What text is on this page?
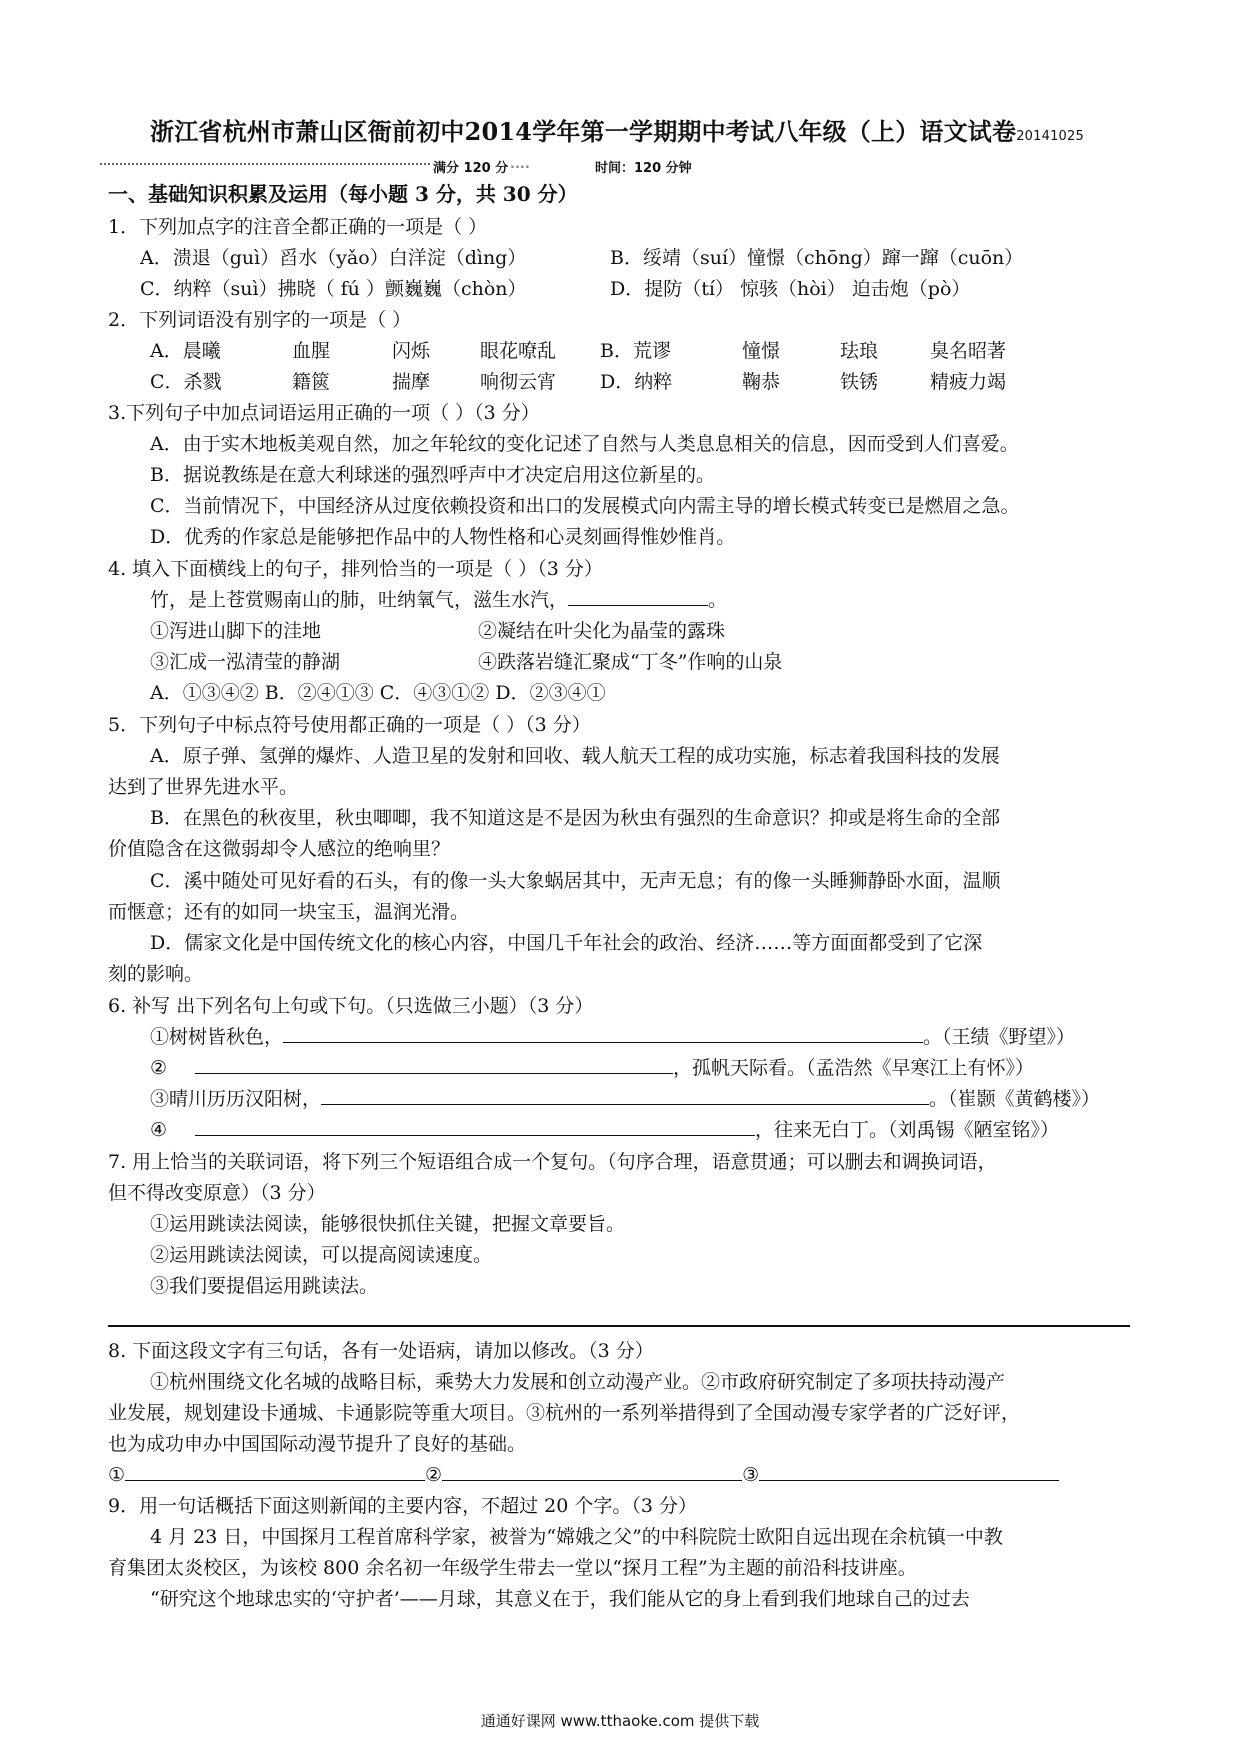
浙江省杭州市萧山区衙前初中2014学年第一学期期中考试八年级（上）语文试卷20141025
满分 120 分 ....	时间：120 分钟
一、基础知识积累及运用（每小题 3 分，共 30 分）
1．下列加点字的注音全都正确的一项是（ ）
A．溃退（guì）舀水（yǎo）白洋淀（dìng）	B．绥靖（suí）憧憬（chōng）蹿一蹿（cuōn）
C．纳粹（suì）拂晓（ fú ）颤巍巍（chòn）	D．提防（tí） 惊骇（hòi） 迫击炮（pò）
2．下列词语没有别字的一项是（ ）
A．晨曦	血腥	闪烁	眼花嘹乱 B．荒谬	憧憬	珐琅	臭名昭著
C．杀戮	籍篋	揣摩	响彻云宵 D．纳粹	鞠恭	铁锈	精疲力竭
3.下列句子中加点词语运用正确的一项（ ）（3 分）
A．由于实木地板美观自然，加之年轮纹的变化记述了自然与人类息息相关的信息，因而受到人们喜爱。
B．据说教练是在意大利球迷的强烈呼声中才决定启用这位新星的。
C．当前情况下，中国经济从过度依赖投资和出口的发展模式向内需主导的增长模式转变已是燃眉之急。
D．优秀的作家总是能够把作品中的人物性格和心灵刻画得惟妙惟肖。
4. 填入下面横线上的句子，排列恰当的一项是（ ）（3 分）
竹，是上苍赏赐南山的肺，吐纳氧气，滋生水汽，	。
①泻进山脚下的洼地	②凝结在叶尖化为晶莹的露珠
③汇成一泓清莹的静湖	④跌落岩缝汇聚成“丁冬”作响的山泉
A．①③④② B．②④①③ C．④③①② D．②③④①
5．下列句子中标点符号使用都正确的一项是（ ）（3 分）
A．原子弹、氢弹的爆炸、人造卫星的发射和回收、载人航天工程的成功实施，标志着我国科技的发展
达到了世界先进水平。
B．在黑色的秋夜里，秋虫唧唧，我不知道这是不是因为秋虫有强烈的生命意识？抑或是将生命的全部
价值隐含在这微弱却令人感泣的绝响里？
C．溪中随处可见好看的石头，有的像一头大象蜗居其中，无声无息；有的像一头睡狮静卧水面，温顺
而惬意；还有的如同一块宝玉，温润光滑。
D．儒家文化是中国传统文化的核心内容，中国几千年社会的政治、经济……等方面面都受到了它深
刻的影响。
6. 补写 出下列名句上句或下句。（只选做三小题）（3 分）
①树树皆秋色，	。（王绩《野望》）
②	，孤帆天际看。（孟浩然《早寒江上有怀》）
③晴川历历汉阳树，	。（崔颢《黄鹤楼》）
④	，往来无白丁。（刘禹锡《陋室铭》）
7. 用上恰当的关联词语，将下列三个短语组合成一个复句。（句序合理，语意贯通；可以删去和调换词语，
但不得改变原意）（3 分）
①运用跳读法阅读，能够很快抓住关键，把握文章要旨。
②运用跳读法阅读，可以提高阅读速度。
③我们要提倡运用跳读法。
8. 下面这段文字有三句话，各有一处语病，请加以修改。（3 分）
①杭州围绕文化名城的战略目标，乘势大力发展和创立动漫产业。②市政府研究制定了多项扶持动漫产
业发展，规划建设卡通城、卡通影院等重大项目。③杭州的一系列举措得到了全国动漫专家学者的广泛好评，
也为成功申办中国国际动漫节提升了良好的基础。
①	②	③
9．用一句话概括下面这则新闻的主要内容，不超过 20 个字。（3 分）
4 月 23 日，中国探月工程首席科学家，被誉为“嫦娥之父”的中科院院士欧阳自远出现在余杭镇一中教
育集团太炎校区，为该校 800 余名初一年级学生带去一堂以“探月工程”为主题的前沿科技讲座。
“研究这个地球忠实的‘守护者’——月球，其意义在于，我们能从它的身上看到我们地球自己的过去
通通好课网 www.tthaoke.com 提供下载
